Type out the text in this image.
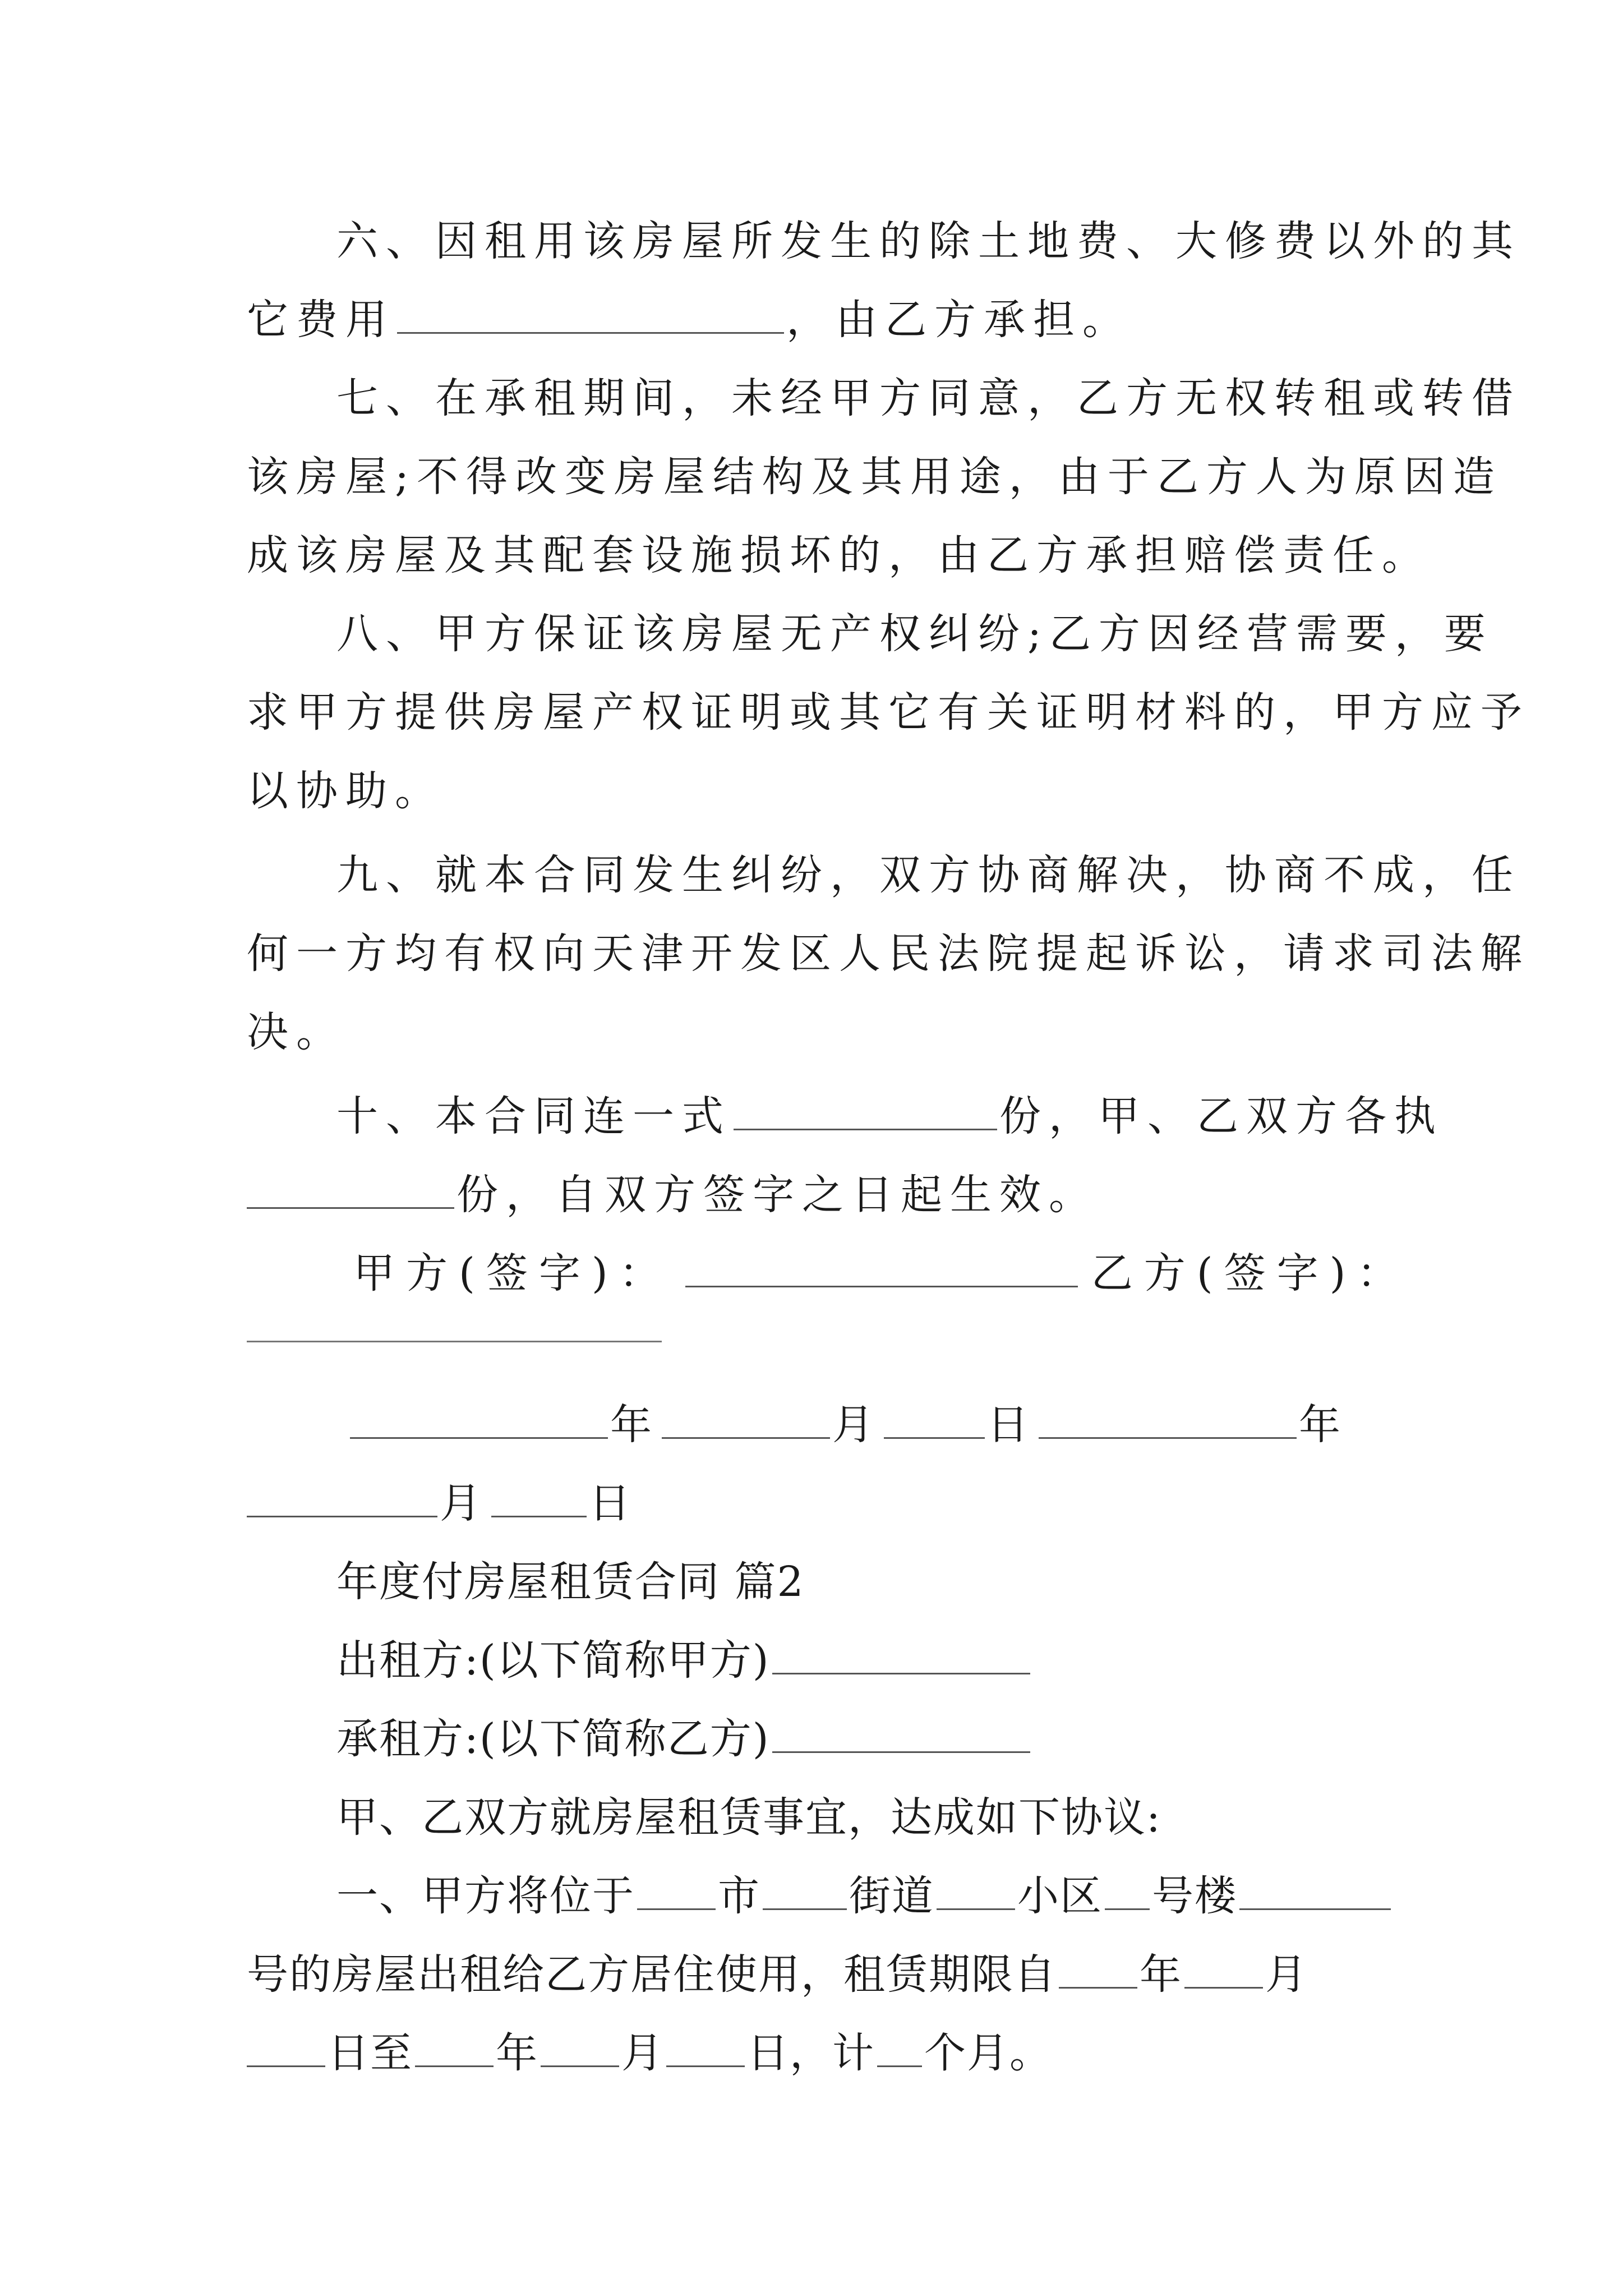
六、因租用该房屋所发生的除土地费、大修费以外的其
它费用	，由乙方承担。
七、在承租期间，未经甲方同意，乙方无权转租或转借
该房屋;不得改变房屋结构及其用途，由于乙方人为原因造
成该房屋及其配套设施损坏的，由乙方承担赔偿责任。
八、甲方保证该房屋无产权纠纷;乙方因经营需要，要
求甲方提供房屋产权证明或其它有关证明材料的，甲方应予
以协助。
九、就本合同发生纠纷，双方协商解决，协商不成，任
何一方均有权向天津开发区人民法院提起诉讼，请求司法解
决。
十、本合同连一式	份，甲、乙双方各执
份，自双方签字之日起生效。
甲方(签字)：	乙方(签字)：
年	月	日	年
月 日
年度付房屋租赁合同 篇2
出租方:(以下简称甲方)
承租方:(以下简称乙方)
甲、乙双方就房屋租赁事宜，达成如下协议:
一、甲方将位于 市 街道 小区 号楼
号的房屋出租给乙方居住使用，租赁期限自 年 月
日至 年 月 日，计 个月。
